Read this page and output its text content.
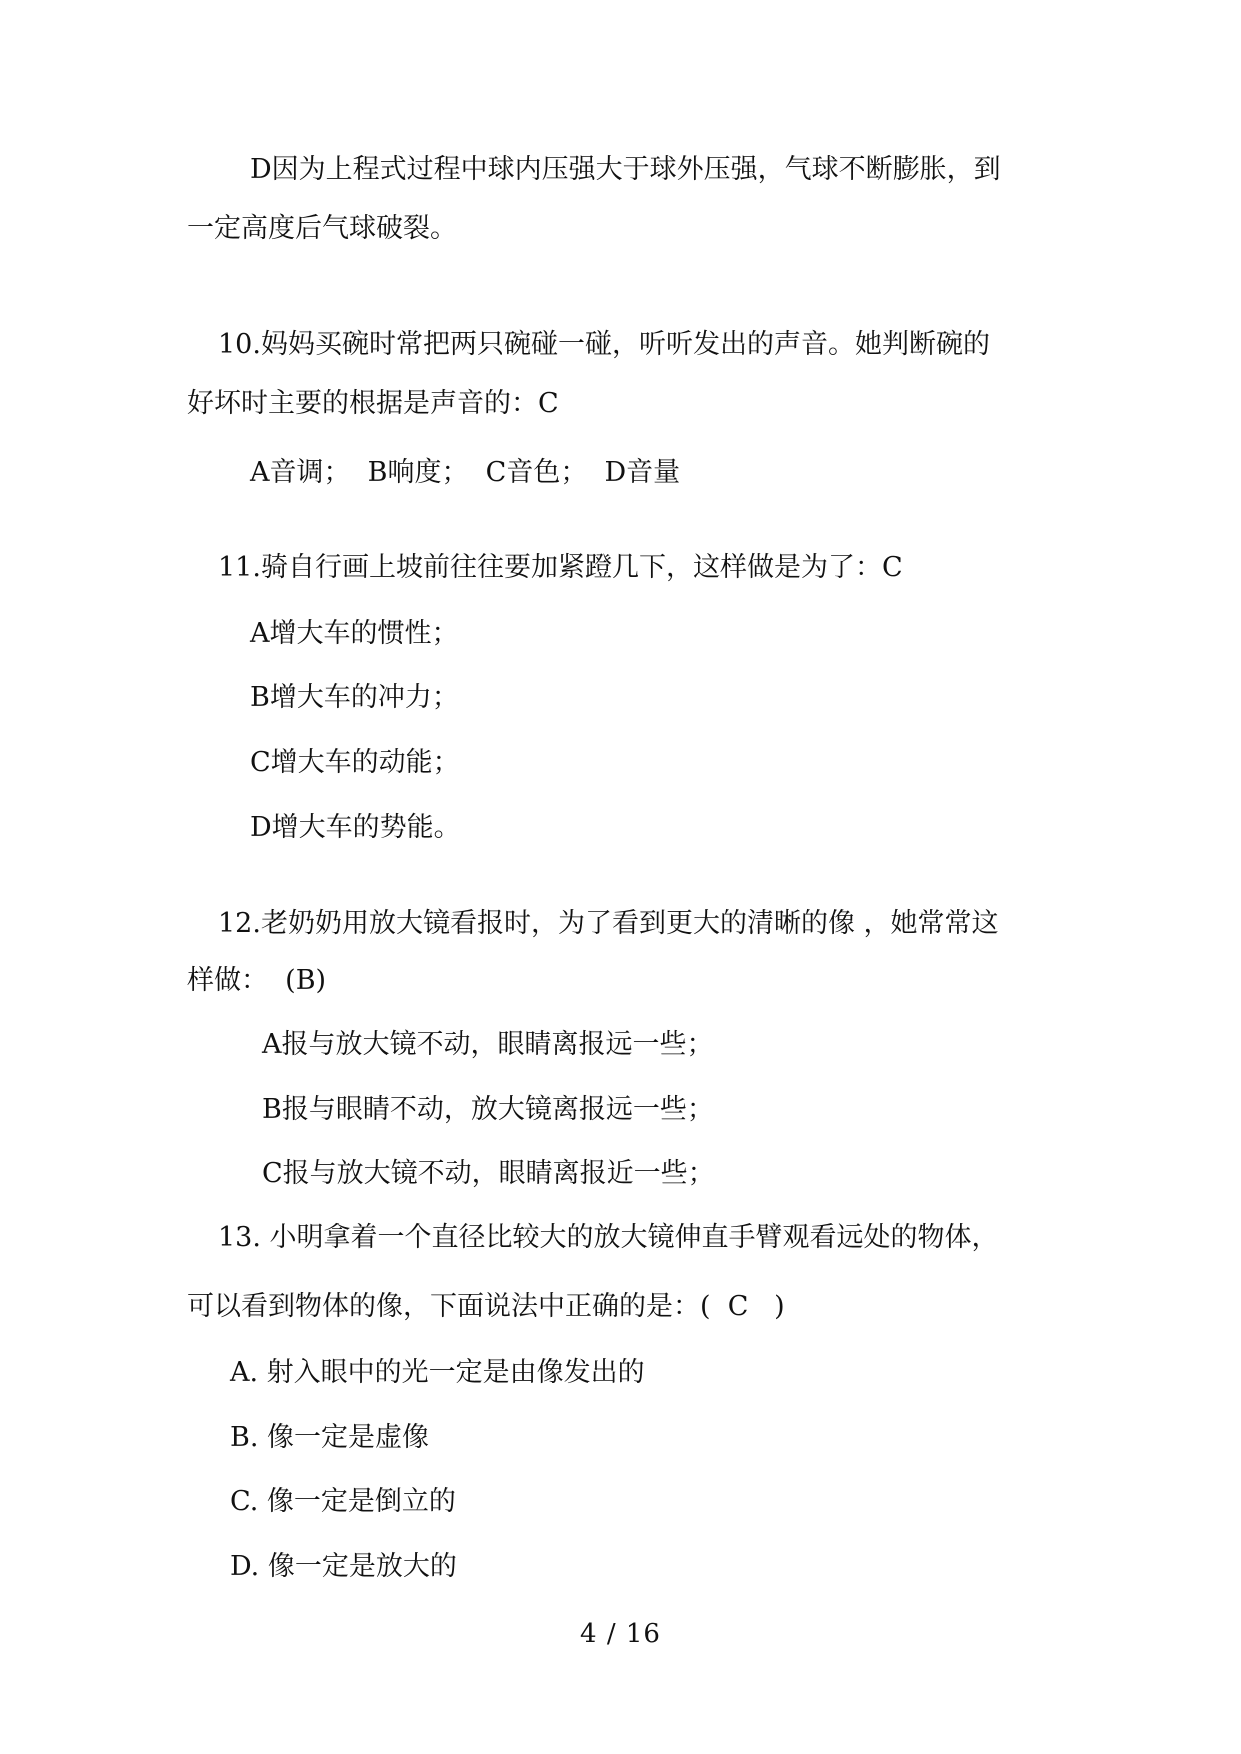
D因为上程式过程中球内压强大于球外压强，气球不断膨胀，到

一定高度后气球破裂。

10.妈妈买碗时常把两只碗碰一碰，听听发出的声音。她判断碗的

好坏时主要的根据是声音的：C

A音调；  B响度；  C音色；  D音量

11.骑自行画上坡前往往要加紧蹬几下，这样做是为了：C

A增大车的惯性；

B增大车的冲力；

C增大车的动能；

D增大车的势能。

12.老奶奶用放大镜看报时，为了看到更大的清晰的像 ，她常常这

样做：  (B)

A报与放大镜不动，眼睛离报远一些；

B报与眼睛不动，放大镜离报远一些；

C报与放大镜不动，眼睛离报近一些；

13. 小明拿着一个直径比较大的放大镜伸直手臂观看远处的物体，

可以看到物体的像，下面说法中正确的是：(  C   )

A. 射入眼中的光一定是由像发出的

B. 像一定是虚像

C. 像一定是倒立的

D. 像一定是放大的

4 / 16
